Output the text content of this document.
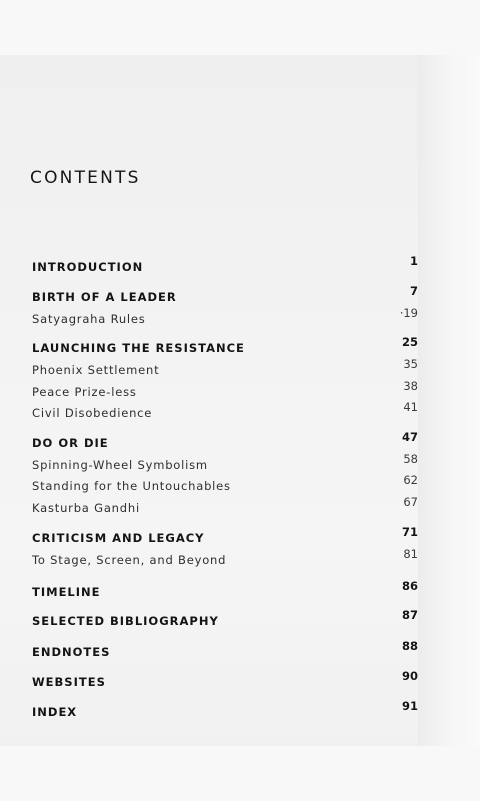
CONTENTS
INTRODUCTION	1
BIRTH OF A LEADER	7
Satyagraha Rules	·19
LAUNCHING THE RESISTANCE	25
Phoenix Settlement	35
Peace Prize-less	38
Civil Disobedience	41
DO OR DIE	47
Spinning-Wheel Symbolism	58
Standing for the Untouchables	62
Kasturba Gandhi	67
CRITICISM AND LEGACY	71
To Stage, Screen, and Beyond	81
TIMELINE	86
SELECTED BIBLIOGRAPHY	87
ENDNOTES	88
WEBSITES	90
INDEX	91
